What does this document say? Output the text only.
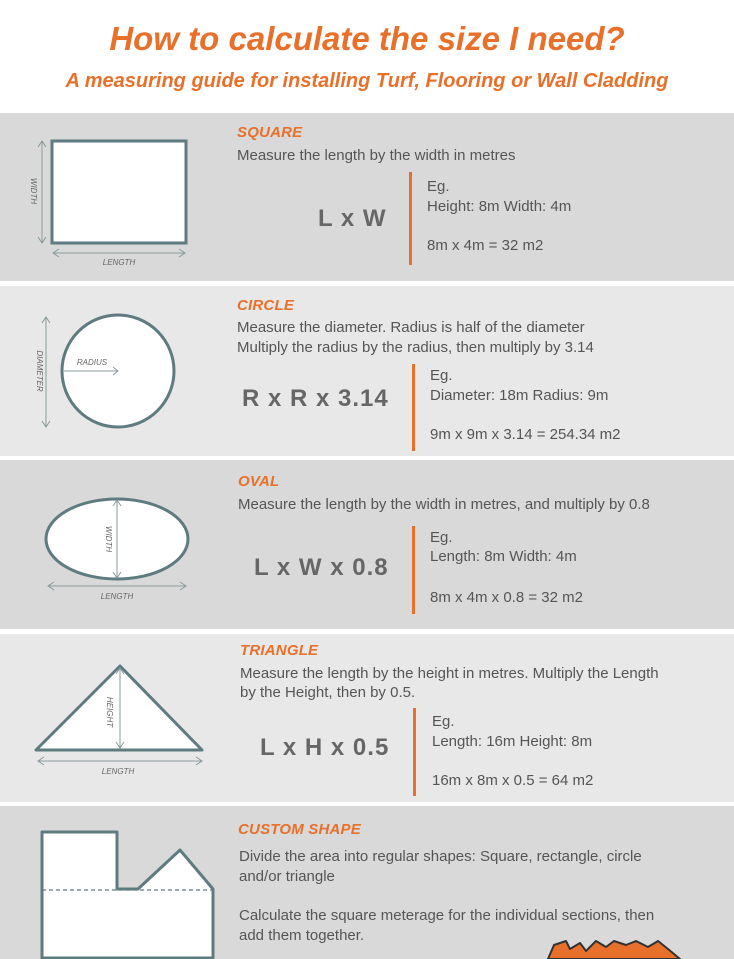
How to calculate the size I need?
A measuring guide for installing Turf, Flooring or Wall Cladding
WIDTH
LENGTH
SQUARE
Measure the length by the width in metres
L x W
Eg.
Height: 8m Width: 4m
8m x 4m = 32 m2
DIAMETER	RADIUS
CIRCLE
Measure the diameter. Radius is half of the diameter
Multiply the radius by the radius, then multiply by 3.14
R x R x 3.14
Eg.
Diameter: 18m Radius: 9m
9m x 9m x 3.14 = 254.34 m2
WIDTH
LENGTH
OVAL
Measure the length by the width in metres, and multiply by 0.8
L x W x 0.8
Eg.
Length: 8m Width: 4m
8m x 4m x 0.8 = 32 m2
HEIGHT
LENGTH
TRIANGLE
Measure the length by the height in metres. Multiply the Length
by the Height, then by 0.5.
L x H x 0.5
Eg.
Length: 16m Height: 8m
16m x 8m x 0.5 = 64 m2
CUSTOM SHAPE
Divide the area into regular shapes: Square, rectangle, circle
and/or triangle
Calculate the square meterage for the individual sections, then
add them together.
